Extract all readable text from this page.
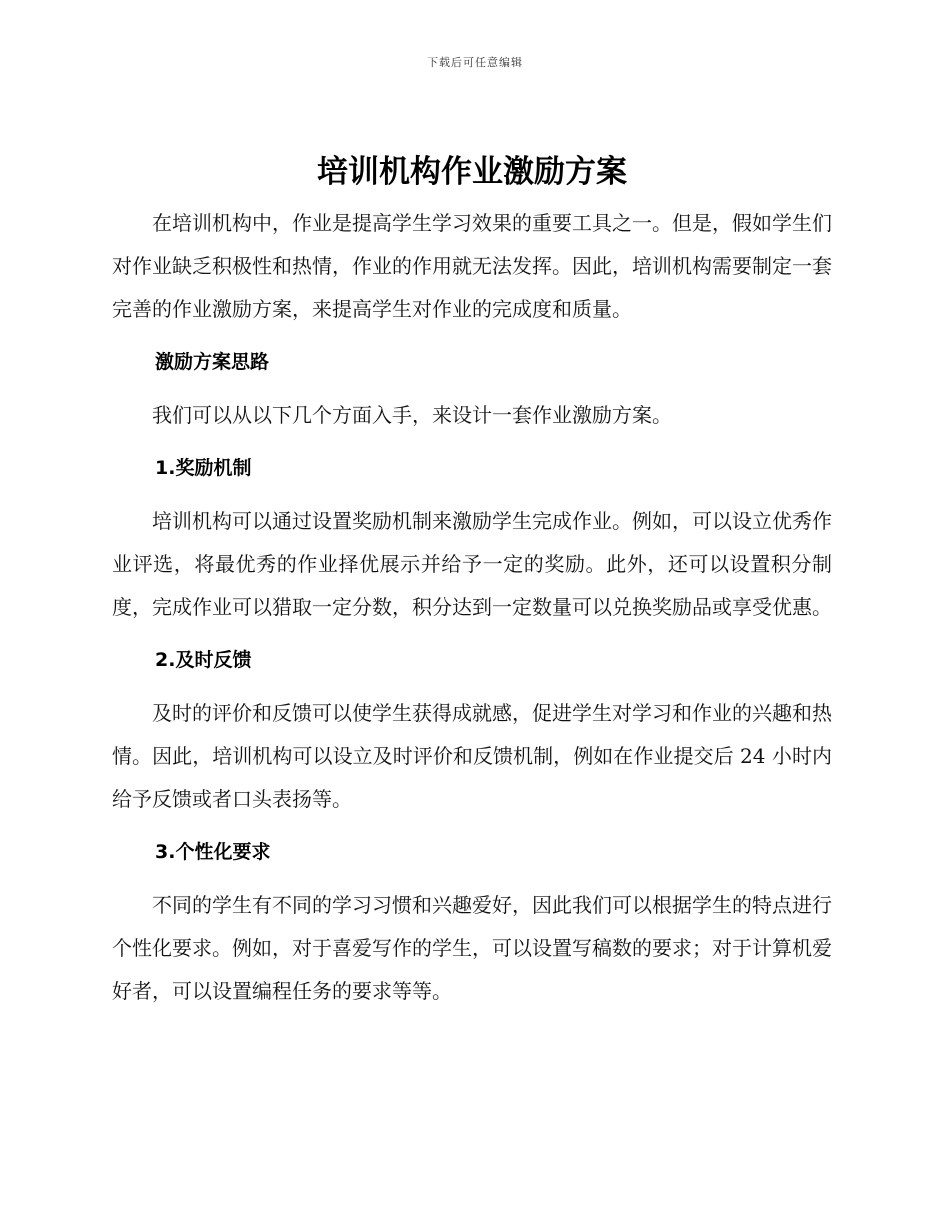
下载后可任意编辑
培训机构作业激励方案

在培训机构中，作业是提高学生学习效果的重要工具之一。但是，假如学生们对作业缺乏积极性和热情，作业的作用就无法发挥。因此，培训机构需要制定一套完善的作业激励方案，来提高学生对作业的完成度和质量。

激励方案思路

我们可以从以下几个方面入手，来设计一套作业激励方案。

1.奖励机制

培训机构可以通过设置奖励机制来激励学生完成作业。例如，可以设立优秀作业评选，将最优秀的作业择优展示并给予一定的奖励。此外，还可以设置积分制度，完成作业可以猎取一定分数，积分达到一定数量可以兑换奖励品或享受优惠。

2.及时反馈

及时的评价和反馈可以使学生获得成就感，促进学生对学习和作业的兴趣和热情。因此，培训机构可以设立及时评价和反馈机制，例如在作业提交后 24 小时内给予反馈或者口头表扬等。

3.个性化要求

不同的学生有不同的学习习惯和兴趣爱好，因此我们可以根据学生的特点进行个性化要求。例如，对于喜爱写作的学生，可以设置写稿数的要求；对于计算机爱好者，可以设置编程任务的要求等等。
